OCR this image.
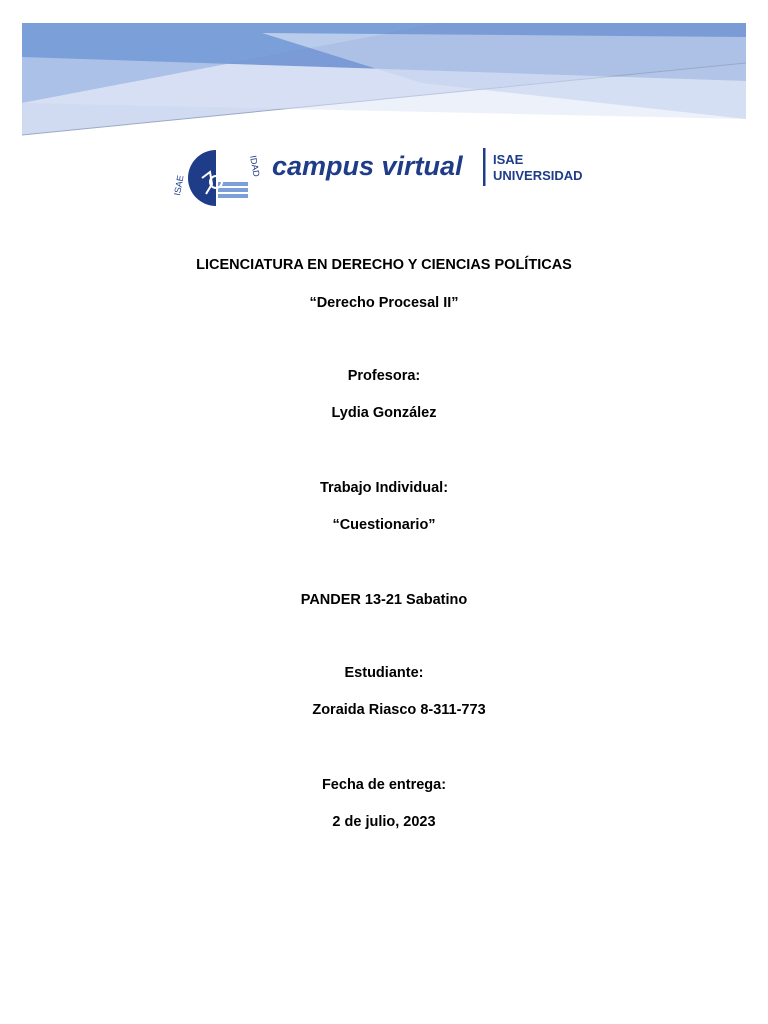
ISAE
IDAD campus virtual ISAE
UNIVERSIDAD
LICENCIATURA EN DERECHO Y CIENCIAS POLÍTICAS
“Derecho Procesal II”
Profesora:
Lydia González
Trabajo Individual:
“Cuestionario”
PANDER 13-21 Sabatino
Estudiante:
Zoraida Riasco 8-311-773
Fecha de entrega:
2 de julio, 2023
